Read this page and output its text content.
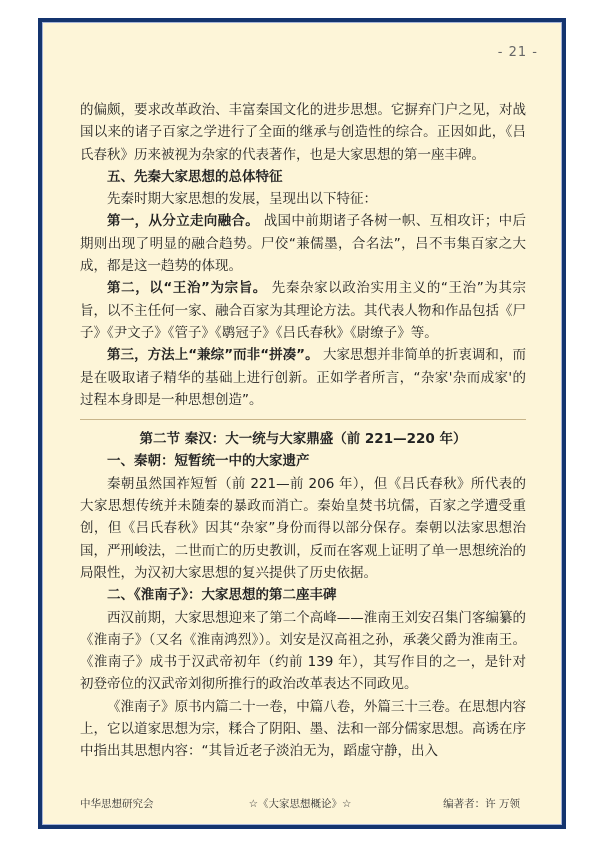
- 21 -

的偏颇，要求改革政治、丰富秦国文化的进步思想。它摒弃门户之见，对战国以来的诸子百家之学进行了全面的继承与创造性的综合。正因如此，《吕氏春秋》历来被视为杂家的代表著作，也是大家思想的第一座丰碑。

五、先秦大家思想的总体特征

先秦时期大家思想的发展，呈现出以下特征：

第一，从分立走向融合。 战国中前期诸子各树一帜、互相攻讦；中后期则出现了明显的融合趋势。尸佼“兼儒墨，合名法”，吕不韦集百家之大成，都是这一趋势的体现。

第二，以“王治”为宗旨。 先秦杂家以政治实用主义的“王治”为其宗旨，以不主任何一家、融合百家为其理论方法。其代表人物和作品包括《尸子》《尹文子》《管子》《鹖冠子》《吕氏春秋》《尉缭子》等。

第三，方法上“兼综”而非“拼凑”。 大家思想并非简单的折衷调和，而是在吸取诸子精华的基础上进行创新。正如学者所言，“杂家'杂而成家'的过程本身即是一种思想创造”。

第二节 秦汉：大一统与大家鼎盛（前 221—220 年）

一、秦朝：短暂统一中的大家遗产

秦朝虽然国祚短暂（前 221—前 206 年），但《吕氏春秋》所代表的大家思想传统并未随秦的暴政而消亡。秦始皇焚书坑儒，百家之学遭受重创，但《吕氏春秋》因其“杂家”身份而得以部分保存。秦朝以法家思想治国，严刑峻法，二世而亡的历史教训，反而在客观上证明了单一思想统治的局限性，为汉初大家思想的复兴提供了历史依据。

二、《淮南子》：大家思想的第二座丰碑

西汉前期，大家思想迎来了第二个高峰——淮南王刘安召集门客编纂的《淮南子》（又名《淮南鸿烈》）。刘安是汉高祖之孙，承袭父爵为淮南王。《淮南子》成书于汉武帝初年（约前 139 年），其写作目的之一，是针对初登帝位的汉武帝刘彻所推行的政治改革表达不同政见。

《淮南子》原书内篇二十一卷，中篇八卷，外篇三十三卷。在思想内容上，它以道家思想为宗，糅合了阴阳、墨、法和一部分儒家思想。高诱在序中指出其思想内容：“其旨近老子淡泊无为，蹈虚守静，出入

中华思想研究会	☆《大家思想概论》☆	编著者：许 万领
